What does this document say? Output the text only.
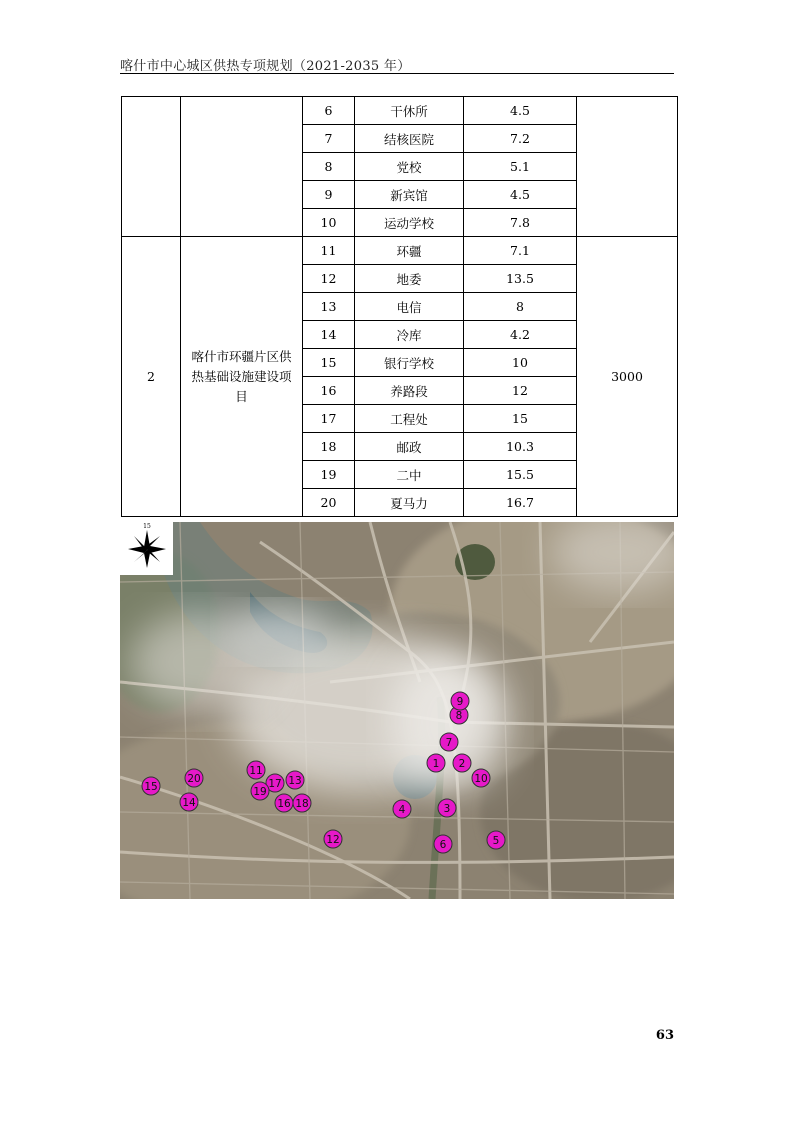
喀什市中心城区供热专项规划（2021-2035 年）
		6	干休所	4.5	
		7	结核医院	7.2	
		8	党校	5.1	
		9	新宾馆	4.5	
		10	运动学校	7.8	
2	喀什市环疆片区供热基础设施建设项目	11	环疆	7.1	3000
		12	地委	13.5	
		13	电信	8	
		14	冷库	4.2	
		15	银行学校	10	
		16	养路段	12	
		17	工程处	15	
		18	邮政	10.3	
		19	二中	15.5	
		20	夏马力	16.7	
15
1 2
3
4
5
6
7
8
9
10
11
12
13
14
15
16
17
18
19
20
63
